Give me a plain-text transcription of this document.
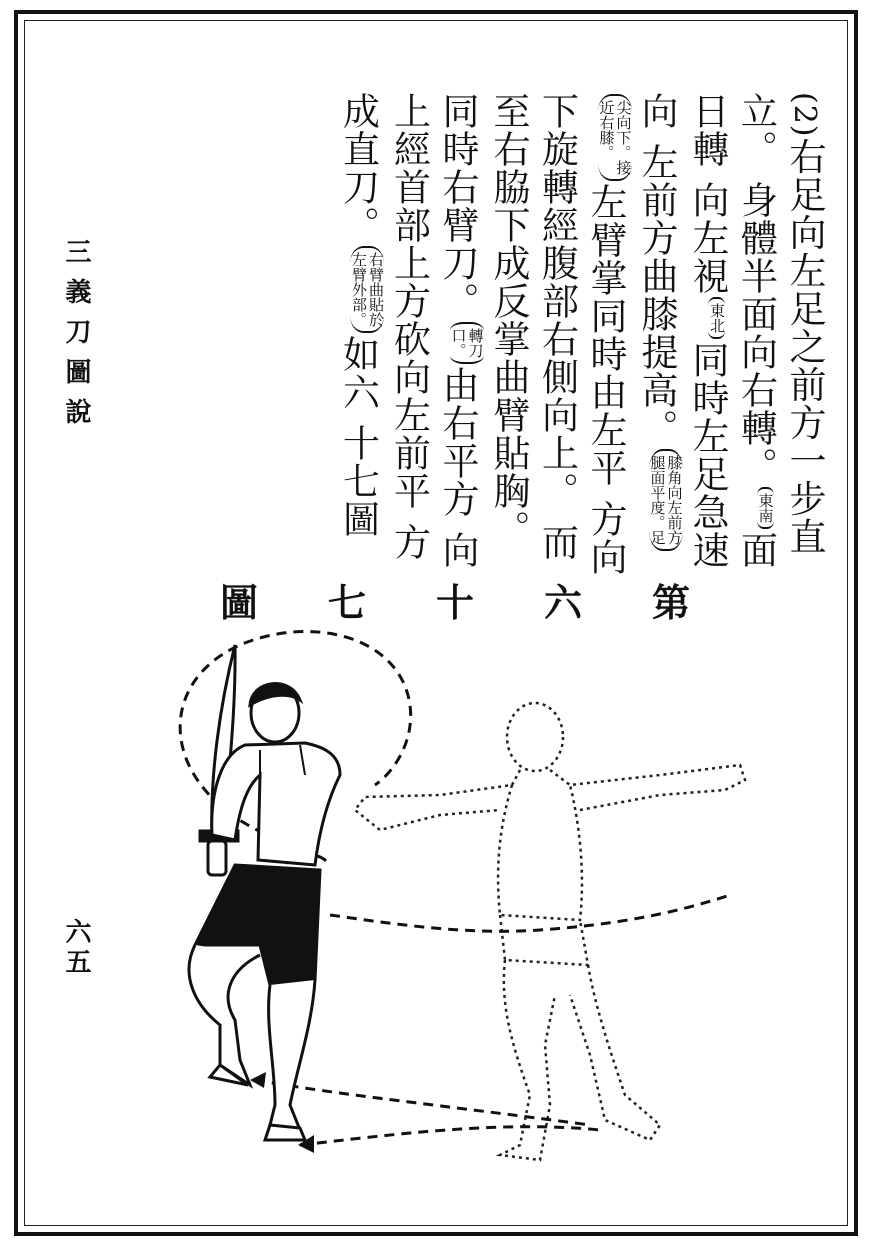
三義刀圖說
六五
(2)右足向左足之前方一步直立。 身體半面向右轉。東南面日轉 向左視東北同時左足急速向 左前方曲膝提高。膝角向左前方
腿面平度。足尖向下。接
近右膝。左臂掌同時由左平 方向下旋轉經腹部右側向上。 而至右脇下成反掌曲臂貼胸。 同時右臂刀。轉刀
口。由右平方 向上經首部上方砍向左前平 方成直刀。右臂曲貼於
左臂外部。如六 十七圖
第
六
十
七
圖
